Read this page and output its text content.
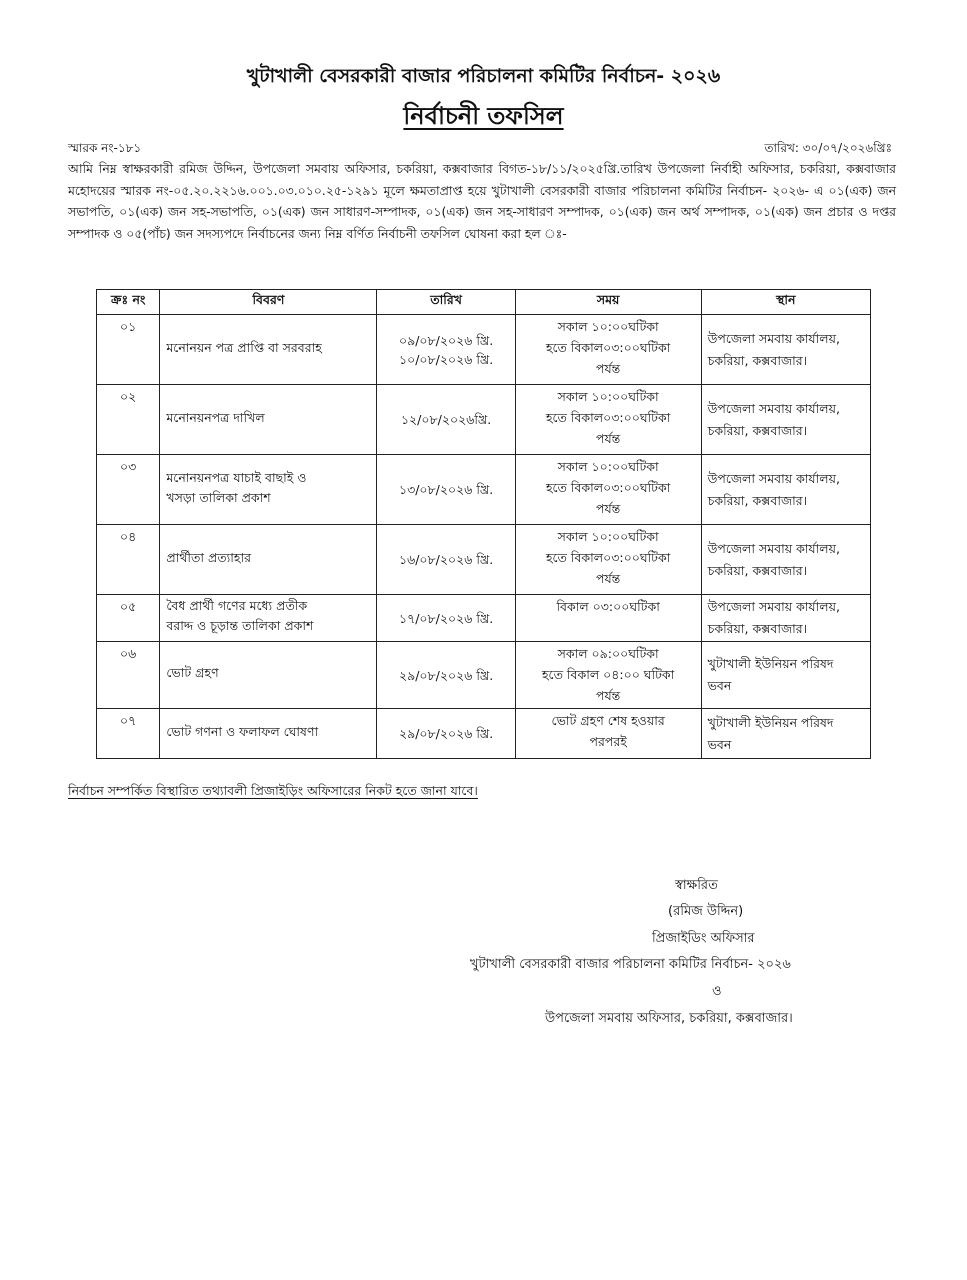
খুটাখালী বেসরকারী বাজার পরিচালনা কমিটির নির্বাচন- ২০২৬
নির্বাচনী তফসিল
স্মারক নং-১৮১	তারিখ: ৩০/০৭/২০২৬খ্রিঃ
আমি নিম্ন স্বাক্ষরকারী রমিজ উদ্দিন, উপজেলা সমবায় অফিসার, চকরিয়া, কক্সবাজার বিগত-১৮/১১/২০২৫খ্রি.তারিখ উপজেলা নির্বাহী অফিসার, চকরিয়া, কক্সবাজার মহোদয়ের স্মারক নং-০৫.২০.২২১৬.০০১.০৩.০১০.২৫-১২৯১ মূলে ক্ষমতাপ্রাপ্ত হয়ে খুটাখালী বেসরকারী বাজার পরিচালনা কমিটির নির্বাচন- ২০২৬- এ ০১(এক) জন সভাপতি, ০১(এক) জন সহ-সভাপতি, ০১(এক) জন সাধারণ-সম্পাদক, ০১(এক) জন সহ-সাধারণ সম্পাদক, ০১(এক) জন অর্থ সম্পাদক, ০১(এক) জন প্রচার ও দপ্তর সম্পাদক ও ০৫(পাঁচ) জন সদস্যপদে নির্বাচনের জন্য নিম্ন বর্ণিত নির্বাচনী তফসিল ঘোষনা করা হল ঃ-
ক্রঃ নং	বিবরণ	তারিখ	সময়	স্থান
০১	মনোনয়ন পত্র প্রাপ্তি বা সরবরাহ	০৯/০৮/২০২৬ খ্রি.১০/০৮/২০২৬ খ্রি.	সকাল ১০:০০ঘটিকাহতে বিকাল০৩:০০ঘটিকাপর্যন্ত	উপজেলা সমবায় কার্যালয়,চকরিয়া, কক্সবাজার।
০২	মনোনয়নপত্র দাখিল	১২/০৮/২০২৬খ্রি.	সকাল ১০:০০ঘটিকাহতে বিকাল০৩:০০ঘটিকাপর্যন্ত	উপজেলা সমবায় কার্যালয়,চকরিয়া, কক্সবাজার।
০৩	মনোনয়নপত্র যাচাই বাছাই ওখসড়া তালিকা প্রকাশ	১৩/০৮/২০২৬ খ্রি.	সকাল ১০:০০ঘটিকাহতে বিকাল০৩:০০ঘটিকাপর্যন্ত	উপজেলা সমবায় কার্যালয়,চকরিয়া, কক্সবাজার।
০৪	প্রার্থীতা প্রত্যাহার	১৬/০৮/২০২৬ খ্রি.	সকাল ১০:০০ঘটিকাহতে বিকাল০৩:০০ঘটিকাপর্যন্ত	উপজেলা সমবায় কার্যালয়,চকরিয়া, কক্সবাজার।
০৫	বৈধ প্রার্থী গণের মধ্যে প্রতীকবরাদ্দ ও চূড়ান্ত তালিকা প্রকাশ	১৭/০৮/২০২৬ খ্রি.	বিকাল ০৩:০০ঘটিকা	উপজেলা সমবায় কার্যালয়,চকরিয়া, কক্সবাজার।
০৬	ভোট গ্রহণ	২৯/০৮/২০২৬ খ্রি.	সকাল ০৯:০০ঘটিকাহতে বিকাল ০৪:০০ ঘটিকাপর্যন্ত	খুটাখালী ইউনিয়ন পরিষদভবন
০৭	ভোট গণনা ও ফলাফল ঘোষণা	২৯/০৮/২০২৬ খ্রি.	ভোট গ্রহণ শেষ হওয়ারপরপরই	খুটাখালী ইউনিয়ন পরিষদভবন
নির্বাচন সম্পর্কিত বিস্থারিত তথ্যাবলী প্রিজাইড়িং অফিসারের নিকট হতে জানা যাবে।
স্বাক্ষরিত
(রমিজ উদ্দিন)
প্রিজাইডিং অফিসার
খুটাখালী বেসরকারী বাজার পরিচালনা কমিটির নির্বাচন- ২০২৬
ও
উপজেলা সমবায় অফিসার, চকরিয়া, কক্সবাজার।
